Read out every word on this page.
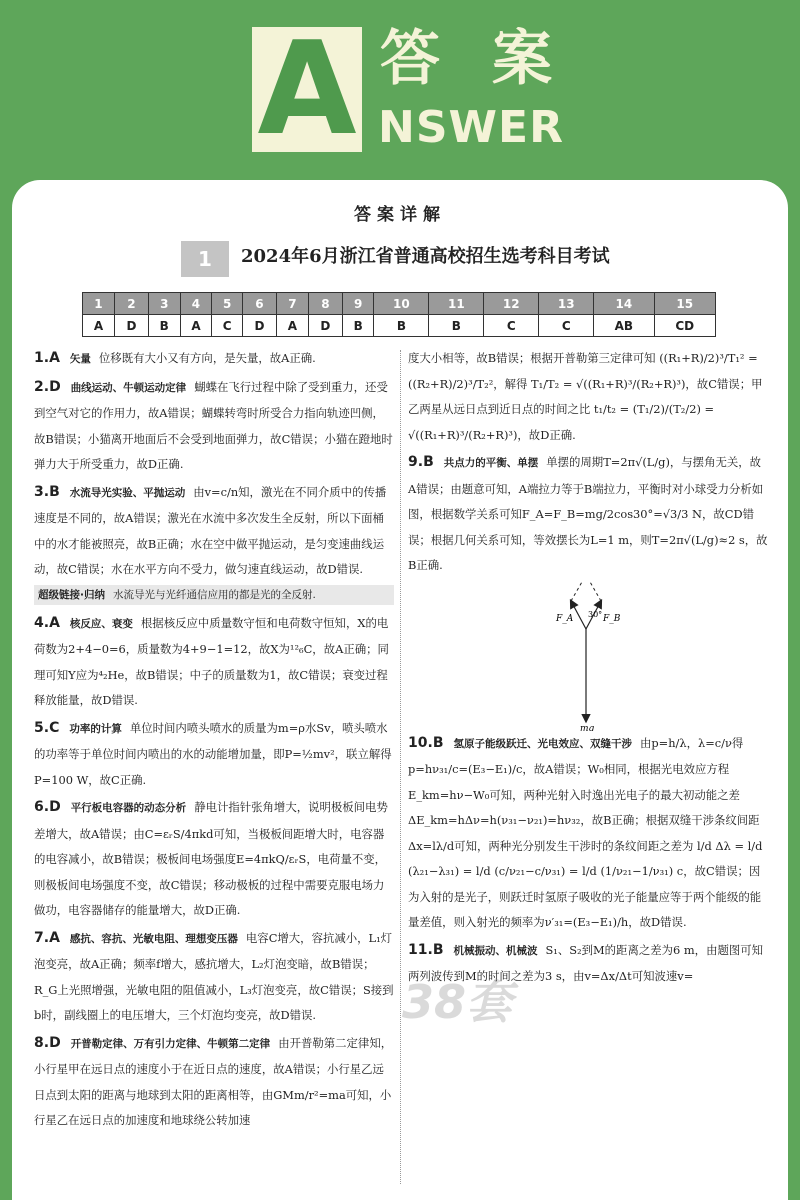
A 答案
NSWER
答案详解
1	2024年6月浙江省普通高校招生选考科目考试
1	2	3	4	5	6	7	8	9	10	11	12	13	14	15
A	D	B	A	C	D	A	D	B	B	B	C	C	AB	CD
1.A 矢量 位移既有大小又有方向，是矢量，故A正确.
2.D 曲线运动、牛顿运动定律 蝴蝶在飞行过程中除了受到重力，还受到空气对它的作用力，故A错误；蝴蝶转弯时所受合力指向轨迹凹侧，故B错误；小猫离开地面后不会受到地面弹力，故C错误；小猫在蹬地时弹力大于所受重力，故D正确.
3.B 水流导光实验、平抛运动 由v=c/n知，激光在不同介质中的传播速度是不同的，故A错误；激光在水流中多次发生全反射，所以下面桶中的水才能被照亮，故B正确；水在空中做平抛运动，是匀变速曲线运动，故C错误；水在水平方向不受力，做匀速直线运动，故D错误.
超级链接·归纳 水流导光与光纤通信应用的都是光的全反射.
4.A 核反应、衰变 根据核反应中质量数守恒和电荷数守恒知，X的电荷数为2+4−0=6，质量数为4+9−1=12，故X为¹²₆C，故A正确；同理可知Y应为⁴₂He，故B错误；中子的质量数为1，故C错误；衰变过程释放能量，故D错误.
5.C 功率的计算 单位时间内喷头喷水的质量为m=ρ水Sv，喷头喷水的功率等于单位时间内喷出的水的动能增加量，即P=½mv²，联立解得P=100 W，故C正确.
6.D 平行板电容器的动态分析 静电计指针张角增大，说明极板间电势差增大，故A错误；由C=εᵣS/4πkd可知，当极板间距增大时，电容器的电容减小，故B错误；极板间电场强度E=4πkQ/εᵣS，电荷量不变，则极板间电场强度不变，故C错误；移动极板的过程中需要克服电场力做功，电容器储存的能量增大，故D正确.
7.A 感抗、容抗、光敏电阻、理想变压器 电容C增大，容抗减小，L₁灯泡变亮，故A正确；频率f增大，感抗增大，L₂灯泡变暗，故B错误；R_G上光照增强，光敏电阻的阻值减小，L₃灯泡变亮，故C错误；S接到b时，副线圈上的电压增大，三个灯泡均变亮，故D错误.
8.D 开普勒定律、万有引力定律、牛顿第二定律 由开普勒第二定律知，小行星甲在远日点的速度小于在近日点的速度，故A错误；小行星乙远日点到太阳的距离与地球到太阳的距离相等，由GMm/r²=ma可知，小行星乙在远日点的加速度和地球绕公转加速
度大小相等，故B错误；根据开普勒第三定律可知 ((R₁+R)/2)³/T₁² = ((R₂+R)/2)³/T₂²，解得 T₁/T₂ = √((R₁+R)³/(R₂+R)³)，故C错误；甲乙两星从远日点到近日点的时间之比 t₁/t₂ = (T₁/2)/(T₂/2) = √((R₁+R)³/(R₂+R)³)，故D正确.
9.B 共点力的平衡、单摆 单摆的周期T=2π√(L/g)，与摆角无关，故A错误；由题意可知，A端拉力等于B端拉力，平衡时对小球受力分析如图，根据数学关系可知F_A=F_B=mg/2cos30°=√3/3 N，故CD错误；根据几何关系可知，等效摆长为L=1 m，则T=2π√(L/g)≈2 s，故B正确.
F_A	F_B
30°
mg
10.B 氢原子能级跃迁、光电效应、双缝干涉 由p=h/λ，λ=c/ν得p=hν₃₁/c=(E₃−E₁)/c，故A错误；W₀相同，根据光电效应方程E_km=hν−W₀可知，两种光射入时逸出光电子的最大初动能之差ΔE_km=hΔν=h(ν₃₁−ν₂₁)=hν₃₂，故B正确；根据双缝干涉条纹间距Δx=lλ/d可知，两种光分别发生干涉时的条纹间距之差为 l/d Δλ = l/d (λ₂₁−λ₃₁) = l/d (c/ν₂₁−c/ν₃₁) = l/d (1/ν₂₁−1/ν₃₁) c，故C错误；因为入射的是光子，则跃迁时氢原子吸收的光子能量应等于两个能级的能量差值，则入射光的频率为ν′₃₁=(E₃−E₁)/h，故D错误.
11.B 机械振动、机械波 S₁、S₂到M的距离之差为6 m，由题图可知两列波传到M的时间之差为3 s，由v=Δx/Δt可知波速v=
38套
